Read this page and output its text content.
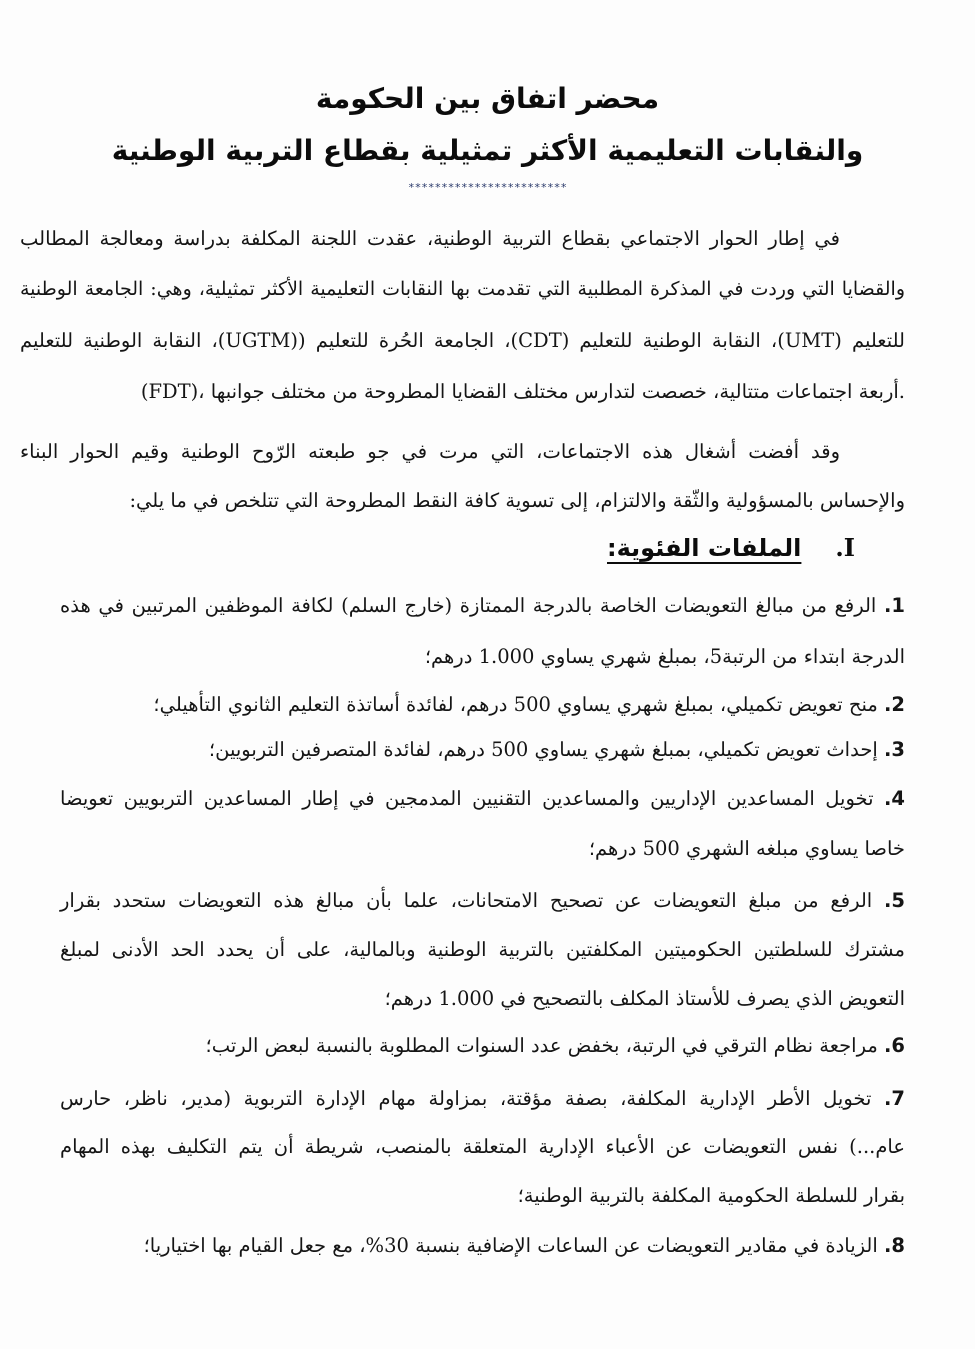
محضر اتفاق بين الحكومة
والنقابات التعليمية الأكثر تمثيلية بقطاع التربية الوطنية
************************
في إطار الحوار الاجتماعي بقطاع التربية الوطنية، عقدت اللجنة المكلفة بدراسة ومعالجة المطالب
والقضايا التي وردت في المذكرة المطلبية التي تقدمت بها النقابات التعليمية الأكثر تمثيلية، وهي: الجامعة الوطنية
للتعليم (UMT)، النقابة الوطنية للتعليم (CDT)، الجامعة الحُرة للتعليم ((UGTM)، النقابة الوطنية للتعليم
(FDT)، أربعة اجتماعات متتالية، خصصت لتدارس مختلف القضايا المطروحة من مختلف جوانبها.
وقد أفضت أشغال هذه الاجتماعات، التي مرت في جو طبعته الرّوح الوطنية وقيم الحوار البناء
والإحساس بالمسؤولية والثّقة والالتزام، إلى تسوية كافة النقط المطروحة التي تتلخص في ما يلي:
I.الملفات الفئوية:
1. الرفع من مبالغ التعويضات الخاصة بالدرجة الممتازة (خارج السلم) لكافة الموظفين المرتبين في هذه
الدرجة ابتداء من الرتبة5، بمبلغ شهري يساوي 1.000 درهم؛
2. منح تعويض تكميلي، بمبلغ شهري يساوي 500 درهم، لفائدة أساتذة التعليم الثانوي التأهيلي؛
3. إحداث تعويض تكميلي، بمبلغ شهري يساوي 500 درهم، لفائدة المتصرفين التربويين؛
4. تخويل المساعدين الإداريين والمساعدين التقنيين المدمجين في إطار المساعدين التربويين تعويضا
خاصا يساوي مبلغه الشهري 500 درهم؛
5. الرفع من مبلغ التعويضات عن تصحيح الامتحانات، علما بأن مبالغ هذه التعويضات ستحدد بقرار
مشترك للسلطتين الحكوميتين المكلفتين بالتربية الوطنية وبالمالية، على أن يحدد الحد الأدنى لمبلغ
التعويض الذي يصرف للأستاذ المكلف بالتصحيح في 1.000 درهم؛
6. مراجعة نظام الترقي في الرتبة، بخفض عدد السنوات المطلوبة بالنسبة لبعض الرتب؛
7. تخويل الأطر الإدارية المكلفة، بصفة مؤقتة، بمزاولة مهام الإدارة التربوية (مدير، ناظر، حارس
عام...) نفس التعويضات عن الأعباء الإدارية المتعلقة بالمنصب، شريطة أن يتم التكليف بهذه المهام
بقرار للسلطة الحكومية المكلفة بالتربية الوطنية؛
8. الزيادة في مقادير التعويضات عن الساعات الإضافية بنسبة 30%، مع جعل القيام بها اختياريا؛
